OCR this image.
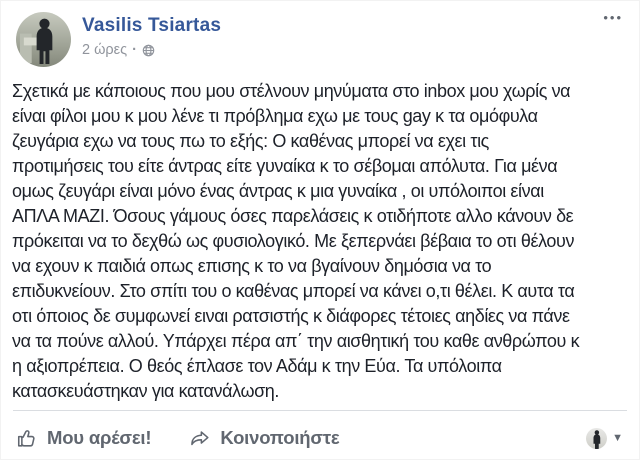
Vasilis Tsiartas
2 ώρες ·
•••
Σχετικά με κάποιους που μου στέλνουν μηνύματα στο inbox μου χωρίς να
είναι φίλοι μου κ μου λένε τι πρόβλημα εχω με τους gay κ τα ομόφυλα
ζευγάρια εχω να τους πω το εξής: Ο καθένας μπορεί να εχει τις
προτιμήσεις του είτε άντρας είτε γυναίκα κ το σέβομαι απόλυτα. Για μένα
ομως ζευγάρι είναι μόνο ένας άντρας κ μια γυναίκα , οι υπόλοιποι είναι
ΑΠΛΑ ΜΑΖΙ. Όσους γάμους όσες παρελάσεις κ οτιδήποτε αλλο κάνουν δε
πρόκειται να το δεχθώ ως φυσιολογικό. Με ξεπερνάει βέβαια το οτι θέλουν
να εχουν κ παιδιά οπως επισης κ το να βγαίνουν δημόσια να το
επιδυκνείουν. Στο σπίτι του ο καθένας μπορεί να κάνει ο,τι θέλει. Κ αυτα τα
οτι όποιος δε συμφωνεί ειναι ρατσιστής κ διάφορες τέτοιες αηδίες να πάνε
να τα πούνε αλλού. Υπάρχει πέρα απ΄ την αισθητική του καθε ανθρώπου κ
η αξιοπρέπεια. Ο θεός έπλασε τον Αδάμ κ την Εύα. Τα υπόλοιπα
κατασκευάστηκαν για κατανάλωση.
Μου αρέσει!	Κοινοποιήστε	▼
